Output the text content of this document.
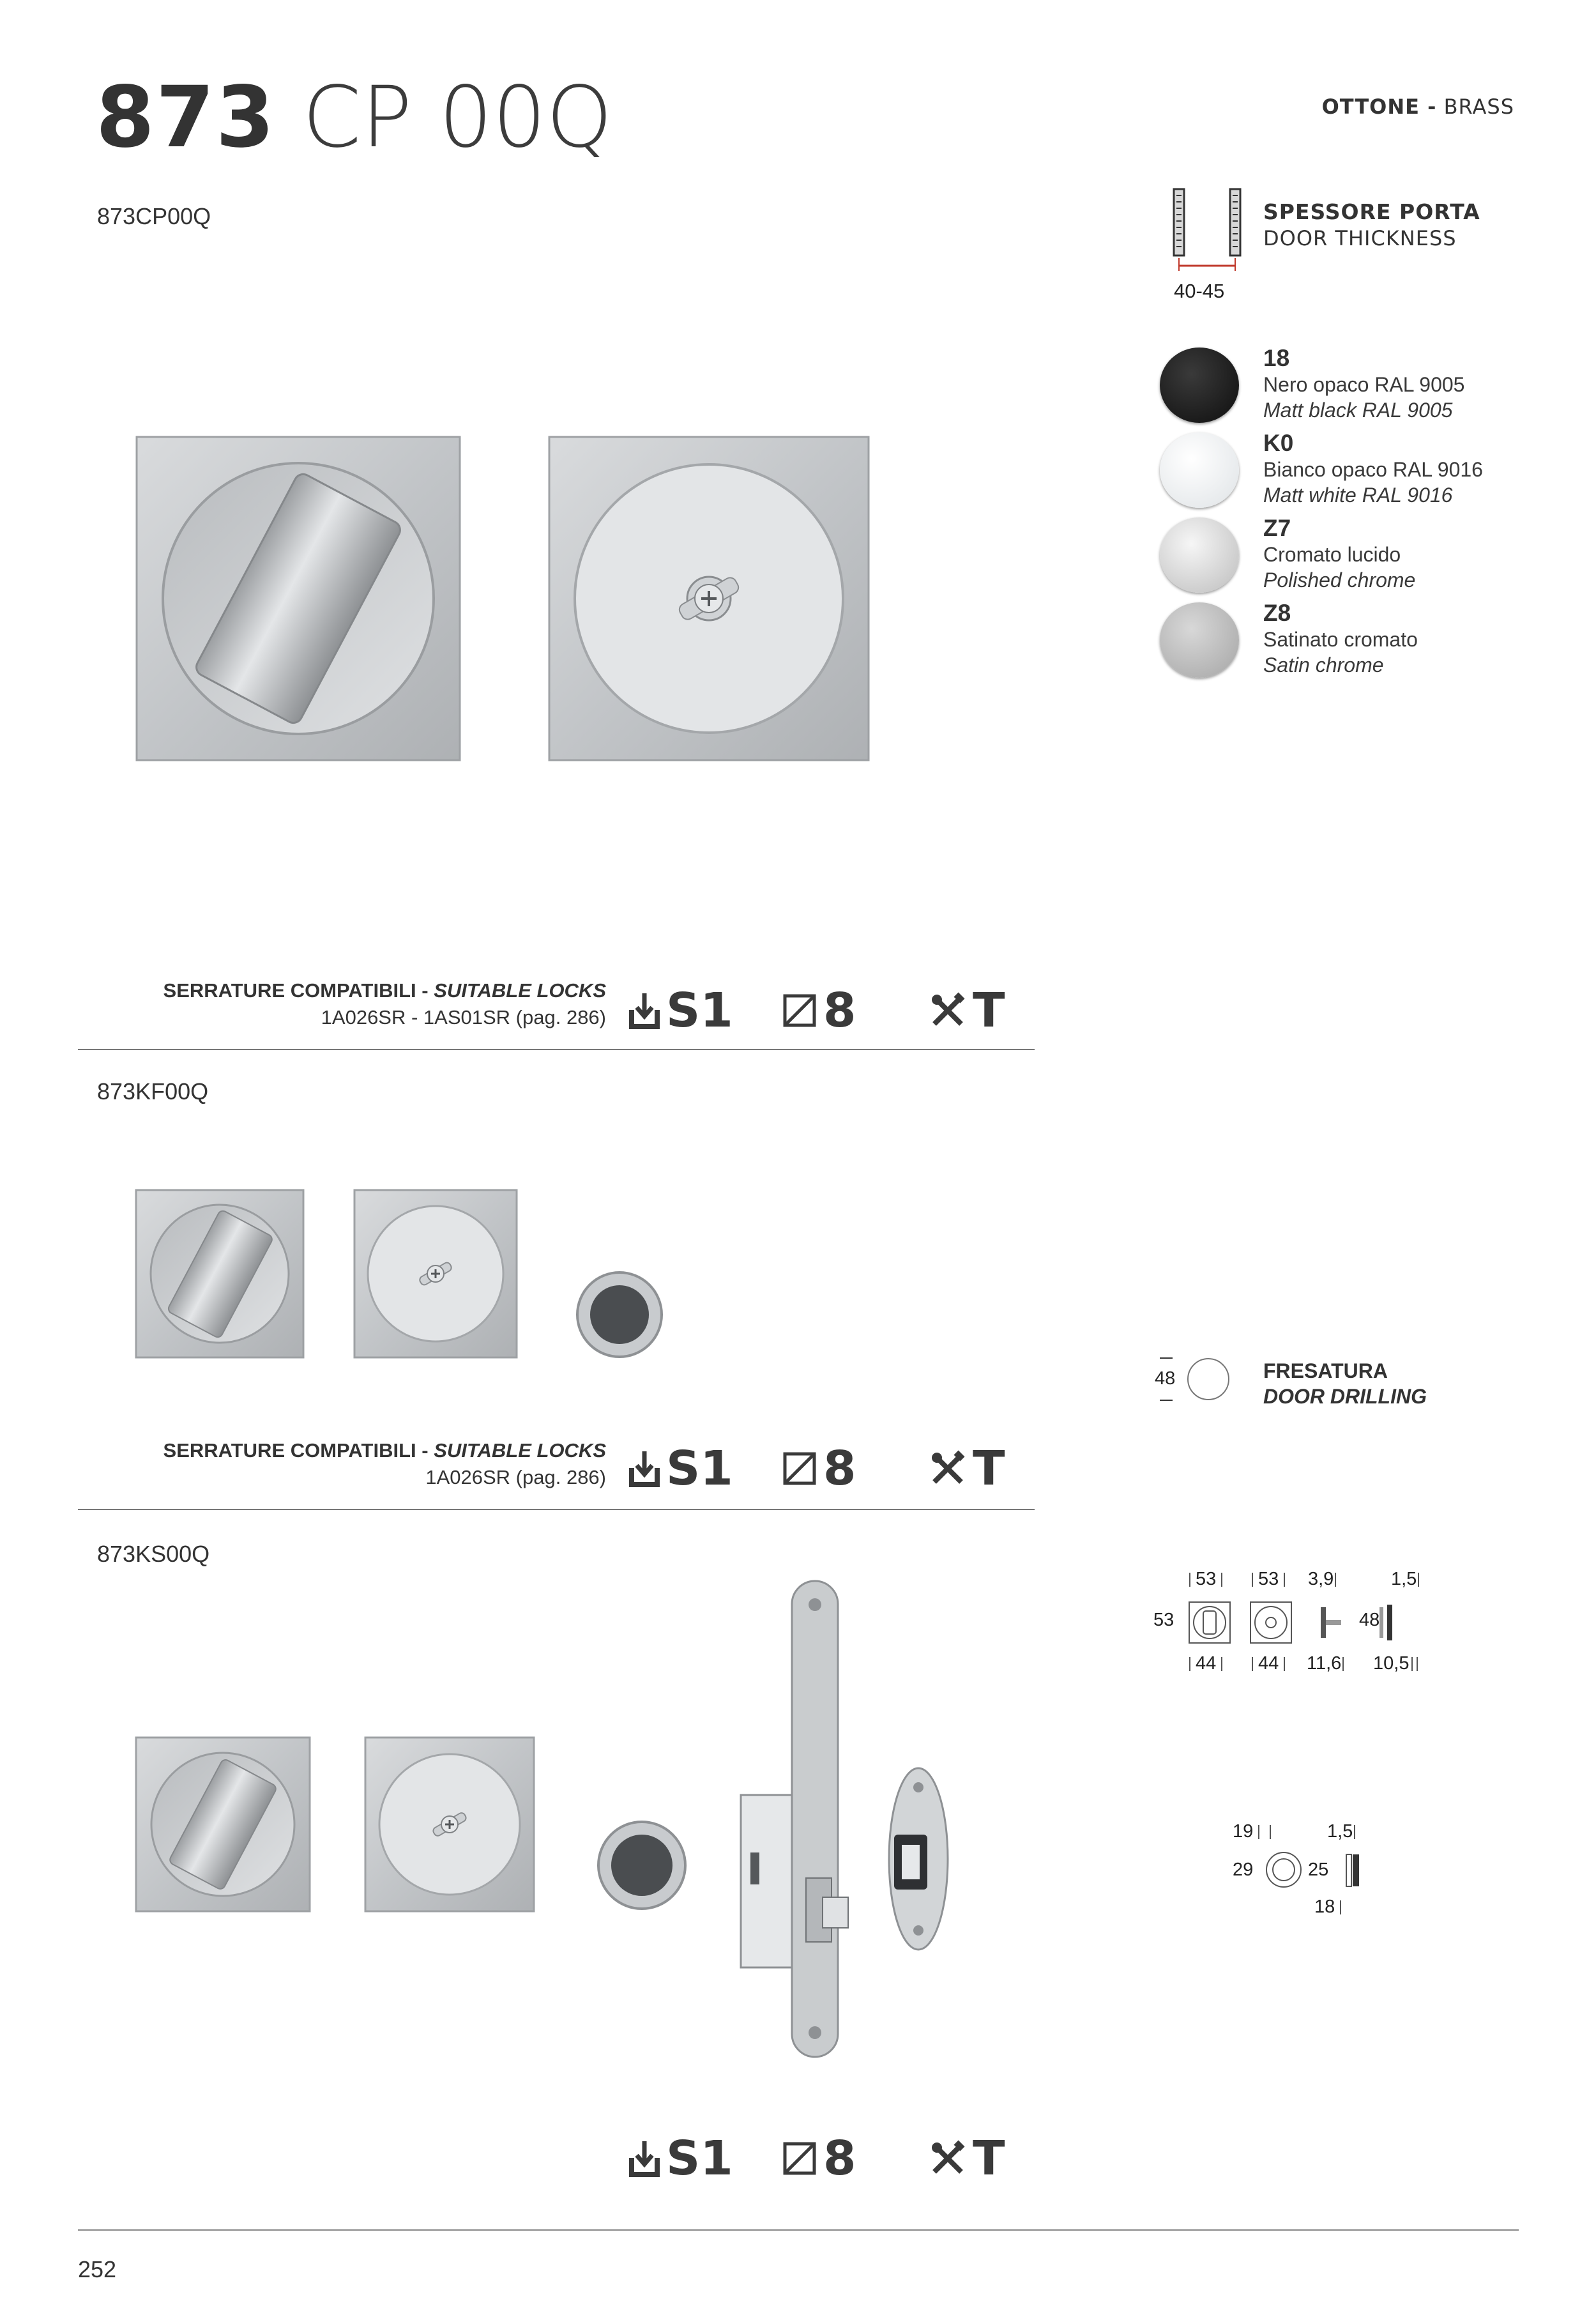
873 CP 00Q	OTTONE - BRASS
873CP00Q
SERRATURE COMPATIBILI - SUITABLE LOCKS
1A026SR - 1AS01SR (pag. 286) S1 8 T
873KF00Q
SERRATURE COMPATIBILI - SUITABLE LOCKS
1A026SR (pag. 286) S1 8 T
873KS00Q
S1 8 T
40-45
SPESSORE PORTA
DOOR THICKNESS
18
Nero opaco RAL 9005
Matt black RAL 9005
K0
Bianco opaco RAL 9016
Matt white RAL 9016
Z7
Cromato lucido
Polished chrome
Z8
Satinato cromato
Satin chrome
48	FRESATURA
DOOR DRILLING
53	53	3,9	1,5
53	48
44	44	11,6 10,5
19	1,5
29	25
18
252
